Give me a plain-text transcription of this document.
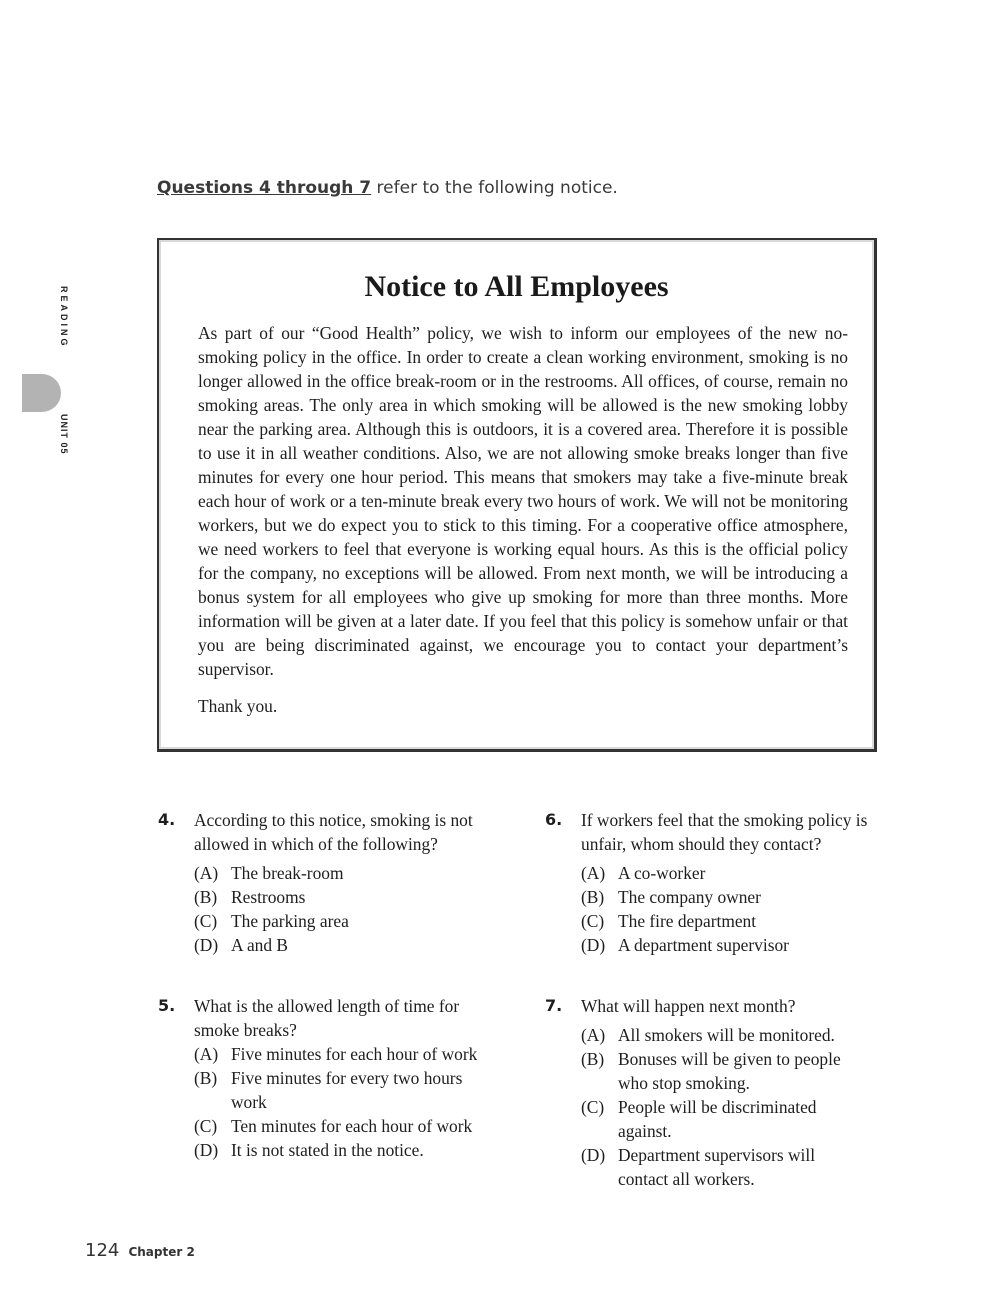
READING
UNIT 05
Questions 4 through 7 refer to the following notice.
Notice to All Employees

As part of our “Good Health” policy, we wish to inform our employees of the new no-smoking policy in the office. In order to create a clean working environment, smoking is no longer allowed in the office break-room or in the restrooms. All offices, of course, remain no smoking areas. The only area in which smoking will be allowed is the new smoking lobby near the parking area. Although this is outdoors, it is a covered area. Therefore it is possible to use it in all weather conditions. Also, we are not allowing smoke breaks longer than five minutes for every one hour period. This means that smokers may take a five-minute break each hour of work or a ten-minute break every two hours of work. We will not be monitoring workers, but we do expect you to stick to this timing. For a cooperative office atmosphere, we need workers to feel that everyone is working equal hours. As this is the official policy for the company, no exceptions will be allowed. From next month, we will be introducing a bonus system for all employees who give up smoking for more than three months. More information will be given at a later date. If you feel that this policy is somehow unfair or that you are being discriminated against, we encourage you to contact your department’s supervisor.

Thank you.

4. According to this notice, smoking is not allowed in which of the following?
(A) The break-room
(B) Restrooms
(C) The parking area
(D) A and B
5. What is the allowed length of time for smoke breaks?
(A) Five minutes for each hour of work
(B) Five minutes for every two hours work
(C) Ten minutes for each hour of work
(D) It is not stated in the notice.
6. If workers feel that the smoking policy is unfair, whom should they contact?
(A) A co-worker
(B) The company owner
(C) The fire department
(D) A department supervisor
7. What will happen next month?
(A) All smokers will be monitored.
(B) Bonuses will be given to people who stop smoking.
(C) People will be discriminated against.
(D) Department supervisors will contact all workers.
124 Chapter 2
